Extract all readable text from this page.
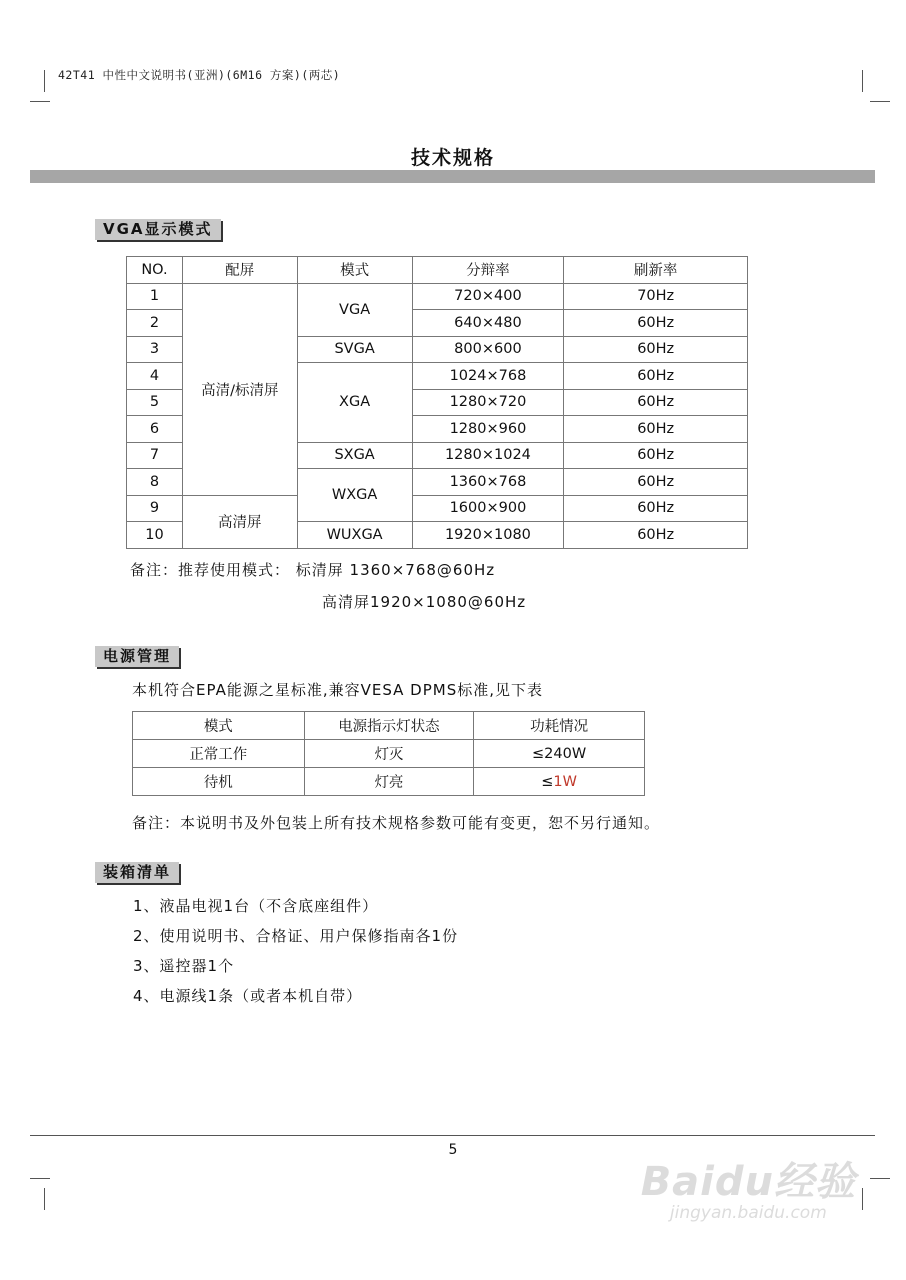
42T41 中性中文说明书(亚洲)(6M16 方案)(两芯)
技术规格
VGA显示模式
NO.	配屏	模式	分辩率	刷新率
1	高清/标清屏	VGA	720×400	70Hz
2			640×480	60Hz
3		SVGA	800×600	60Hz
4		XGA	1024×768	60Hz
5			1280×720	60Hz
6			1280×960	60Hz
7		SXGA	1280×1024	60Hz
8		WXGA	1360×768	60Hz
9	高清屏		1600×900	60Hz
10		WUXGA	1920×1080	60Hz
备注：推荐使用模式： 标清屏 1360×768@60Hz
高清屏1920×1080@60Hz
电源管理
本机符合EPA能源之星标准,兼容VESA DPMS标准,见下表
模式	电源指示灯状态	功耗情况
正常工作	灯灭	≤240W
待机	灯亮	≤1W
备注：本说明书及外包装上所有技术规格参数可能有变更，恕不另行通知。
装箱清单
1、液晶电视1台（不含底座组件）
2、使用说明书、合格证、用户保修指南各1份
3、遥控器1个
4、电源线1条（或者本机自带）
5
Baidu经验
jingyan.baidu.com
